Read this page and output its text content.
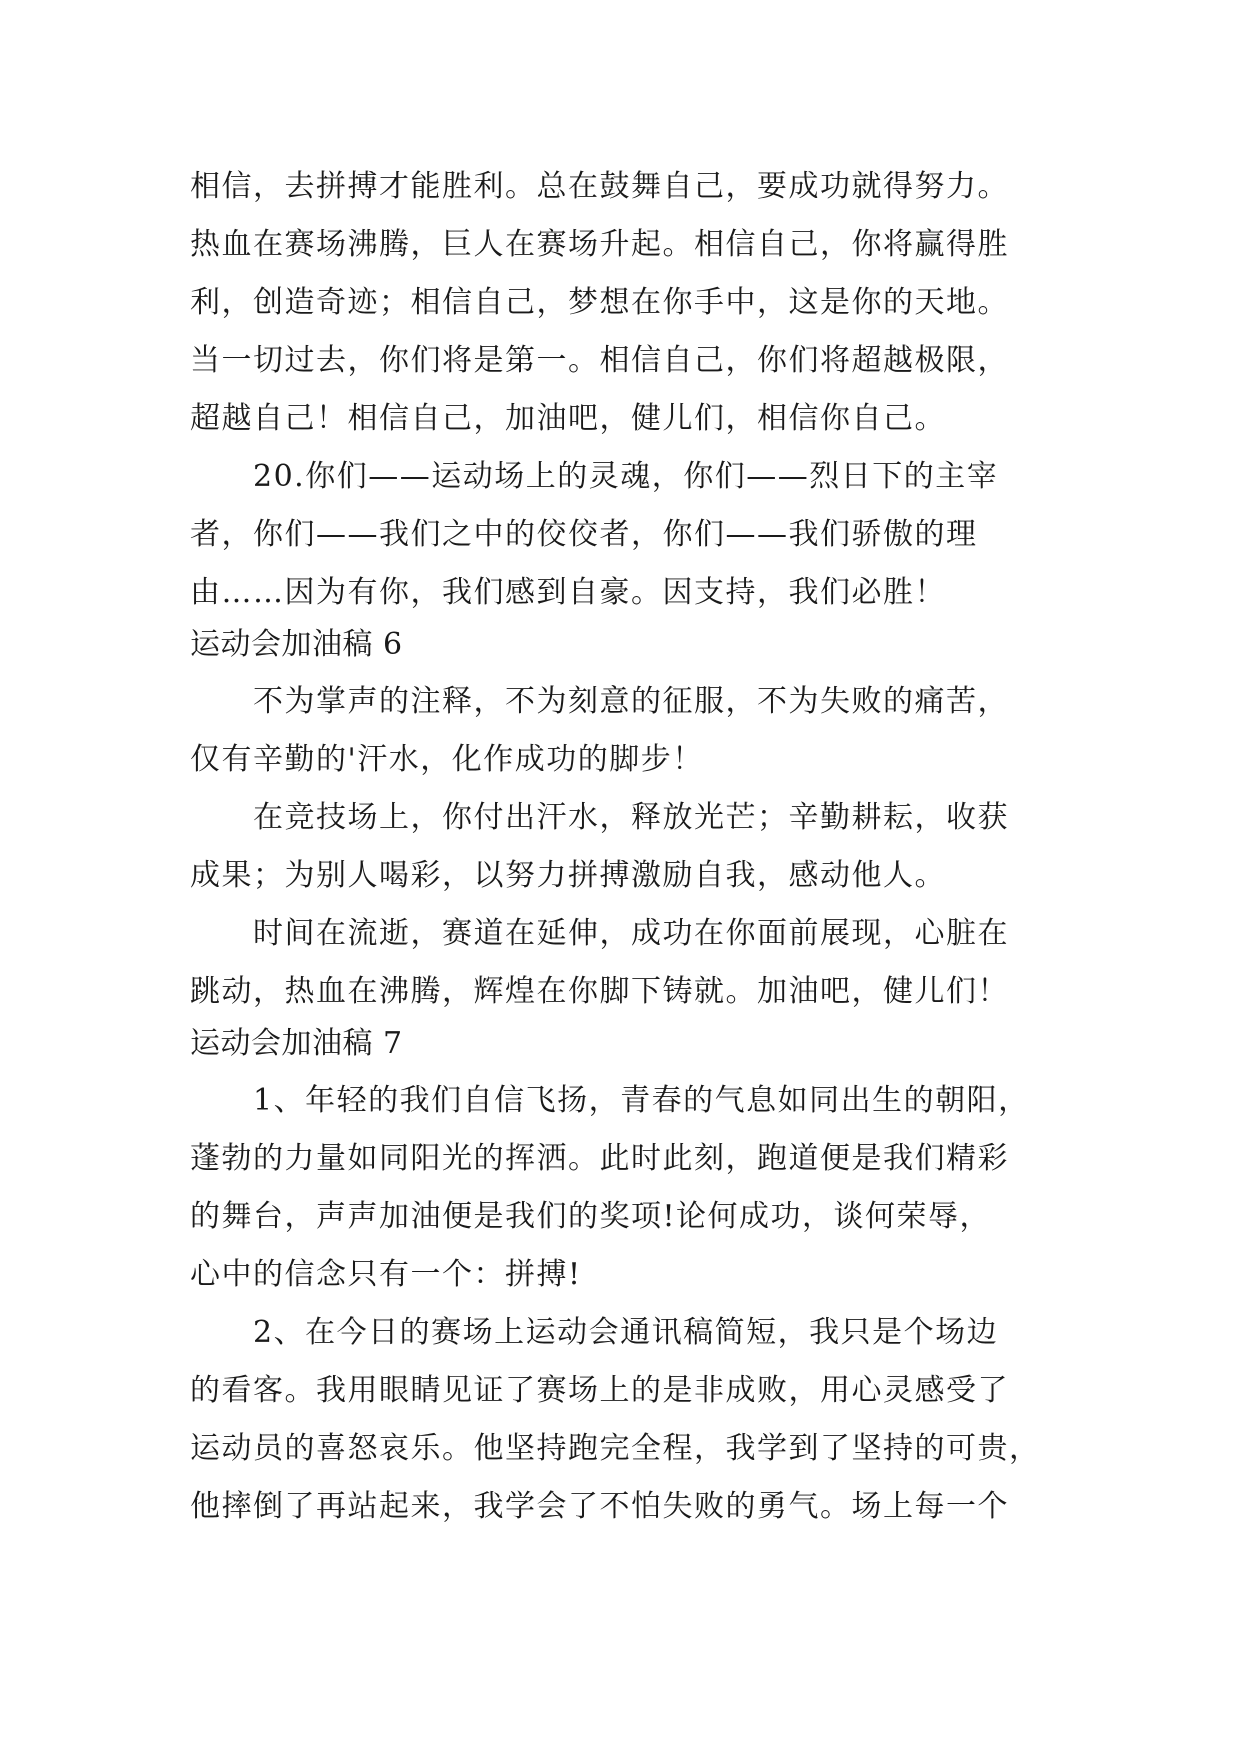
相信，去拼搏才能胜利。总在鼓舞自己，要成功就得努力。
热血在赛场沸腾，巨人在赛场升起。相信自己，你将赢得胜
利，创造奇迹；相信自己，梦想在你手中，这是你的天地。
当一切过去，你们将是第一。相信自己，你们将超越极限，
超越自己！相信自己，加油吧，健儿们，相信你自己。
20.你们——运动场上的灵魂，你们——烈日下的主宰
者，你们——我们之中的佼佼者，你们——我们骄傲的理
由……因为有你，我们感到自豪。因支持，我们必胜！
运动会加油稿 6
不为掌声的注释，不为刻意的征服，不为失败的痛苦，
仅有辛勤的'汗水，化作成功的脚步！
在竞技场上，你付出汗水，释放光芒；辛勤耕耘，收获
成果；为别人喝彩，以努力拼搏激励自我，感动他人。
时间在流逝，赛道在延伸，成功在你面前展现，心脏在
跳动，热血在沸腾，辉煌在你脚下铸就。加油吧，健儿们！
运动会加油稿 7
1、年轻的我们自信飞扬，青春的气息如同出生的朝阳，
蓬勃的力量如同阳光的挥洒。此时此刻，跑道便是我们精彩
的舞台，声声加油便是我们的奖项!论何成功，谈何荣辱，
心中的信念只有一个：拼搏!
2、在今日的赛场上运动会通讯稿简短，我只是个场边
的看客。我用眼睛见证了赛场上的是非成败，用心灵感受了
运动员的喜怒哀乐。他坚持跑完全程，我学到了坚持的可贵，
他摔倒了再站起来，我学会了不怕失败的勇气。场上每一个
